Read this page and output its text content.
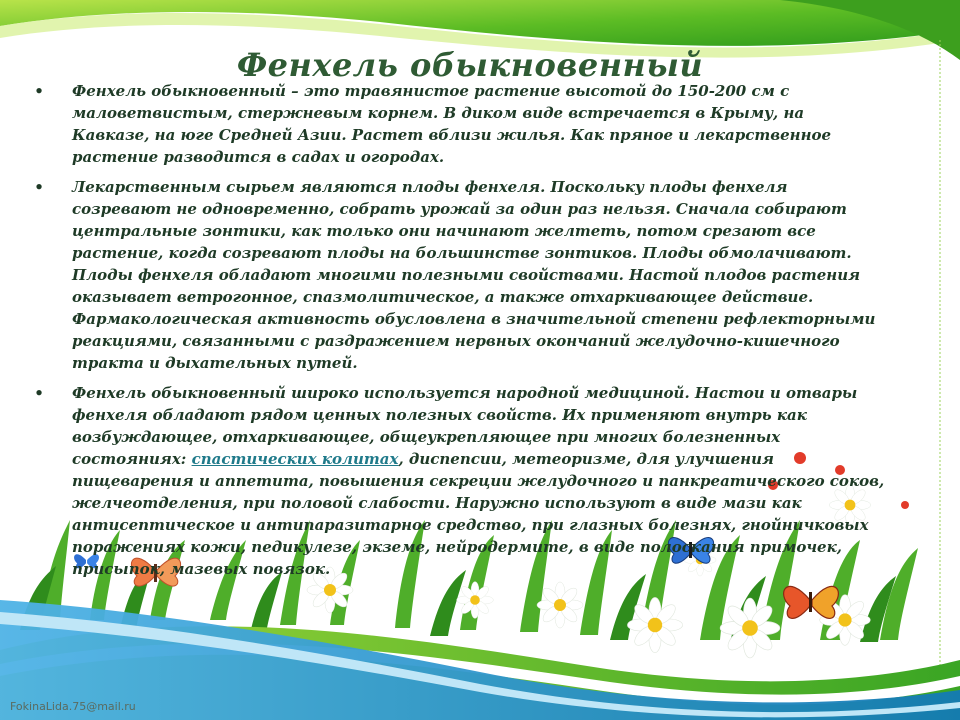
Фенхель обыкновенный
• Фенхель обыкновенный – это травянистое растение высотой до 150-200 см с маловетвистым, стержневым корнем. В диком виде встречается в Крыму, на Кавказе, на юге Средней Азии. Растет вблизи жилья. Как пряное и лекарственное растение разводится в садах и огородах.

• Лекарственным сырьем являются плоды фенхеля. Поскольку плоды фенхеля созревают не одновременно, собрать урожай за один раз нельзя. Сначала собирают центральные зонтики, как только они начинают желтеть, потом срезают все растение, когда созревают плоды на большинстве зонтиков. Плоды обмолачивают.

Плоды фенхеля обладают многими полезными свойствами. Настой плодов растения оказывает ветрогонное, спазмолитическое, а также отхаркивающее действие. Фармакологическая активность обусловлена в значительной степени рефлекторными реакциями, связанными с раздражением нервных окончаний желудочно-кишечного тракта и дыхательных путей.

• Фенхель обыкновенный широко используется народной медициной. Настои и отвары фенхеля обладают рядом ценных полезных свойств. Их применяют внутрь как возбуждающее, отхаркивающее, общеукрепляющее при многих болезненных состояниях: спастических колитах, диспепсии, метеоризме, для улучшения пищеварения и аппетита, повышения секреции желудочного и панкреатического соков, желчеотделения, при половой слабости. Наружно используют в виде мази как антисептическое и антипаразитарное средство, при глазных болезнях, гнойничковых поражениях кожи, педикулезе, экземе, нейродермите, в виде полоскания примочек, присыпок, мазевых повязок.

FokinaLida.75@mail.ru
